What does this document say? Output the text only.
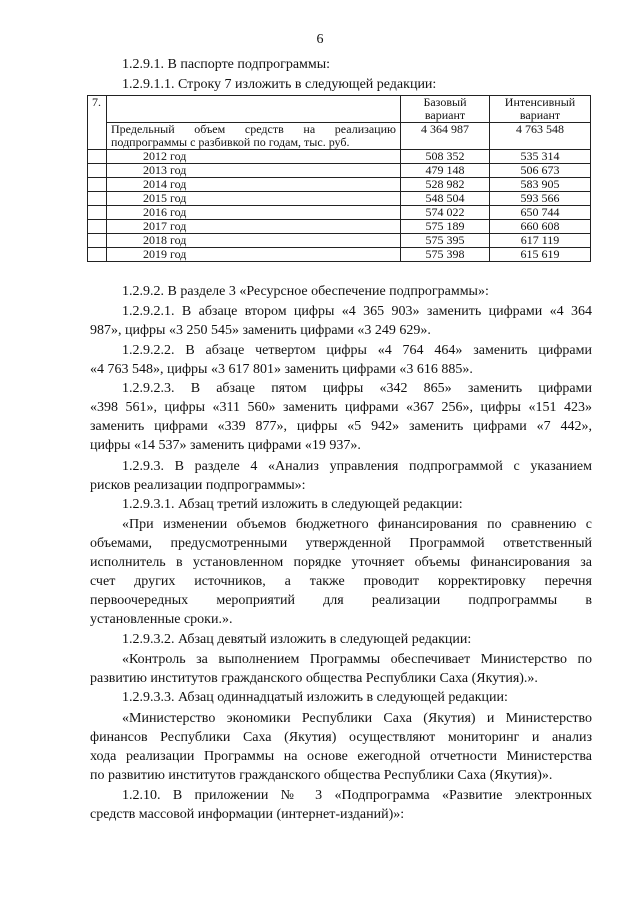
6
1.2.9.1. В паспорте подпрограммы:
1.2.9.1.1. Строку 7 изложить в следующей редакции:
7.		Базовый вариант	Интенсивный вариант

	Предельный объем средств на реализацию
подпрограммы с разбивкой по годам, тыс. руб.	4 364 987	4 763 548
	2012 год	508 352	535 314
	2013 год	479 148	506 673
	2014 год	528 982	583 905
	2015 год	548 504	593 566
	2016 год	574 022	650 744
	2017 год	575 189	660 608
	2018 год	575 395	617 119
	2019 год	575 398	615 619
1.2.9.2. В разделе 3 «Ресурсное обеспечение подпрограммы»:
1.2.9.2.1. В абзаце втором цифры «4 365 903» заменить цифрами «4 364
987», цифры «3 250 545» заменить цифрами «3 249 629».
1.2.9.2.2. В абзаце четвертом цифры «4 764 464» заменить цифрами
«4 763 548», цифры «3 617 801» заменить цифрами «3 616 885».
1.2.9.2.3. В абзаце пятом цифры «342 865» заменить цифрами
«398 561», цифры «311 560» заменить цифрами «367 256», цифры «151 423»
заменить цифрами «339 877», цифры «5 942» заменить цифрами «7 442»,
цифры «14 537» заменить цифрами «19 937».
1.2.9.3. В разделе 4 «Анализ управления подпрограммой с указанием
рисков реализации подпрограммы»:
1.2.9.3.1. Абзац третий изложить в следующей редакции:
«При изменении объемов бюджетного финансирования по сравнению с
объемами, предусмотренными утвержденной Программой ответственный
исполнитель в установленном порядке уточняет объемы финансирования за
счет других источников, а также проводит корректировку перечня
первоочередных мероприятий для реализации подпрограммы в
установленные сроки.».
1.2.9.3.2. Абзац девятый изложить в следующей редакции:
«Контроль за выполнением Программы обеспечивает Министерство по
развитию институтов гражданского общества Республики Саха (Якутия).».
1.2.9.3.3. Абзац одиннадцатый изложить в следующей редакции:
«Министерство экономики Республики Саха (Якутия) и Министерство
финансов Республики Саха (Якутия) осуществляют мониторинг и анализ
хода реализации Программы на основе ежегодной отчетности Министерства
по развитию институтов гражданского общества Республики Саха (Якутия)».
1.2.10. В приложении № 3 «Подпрограмма «Развитие электронных
средств массовой информации (интернет-изданий)»:
